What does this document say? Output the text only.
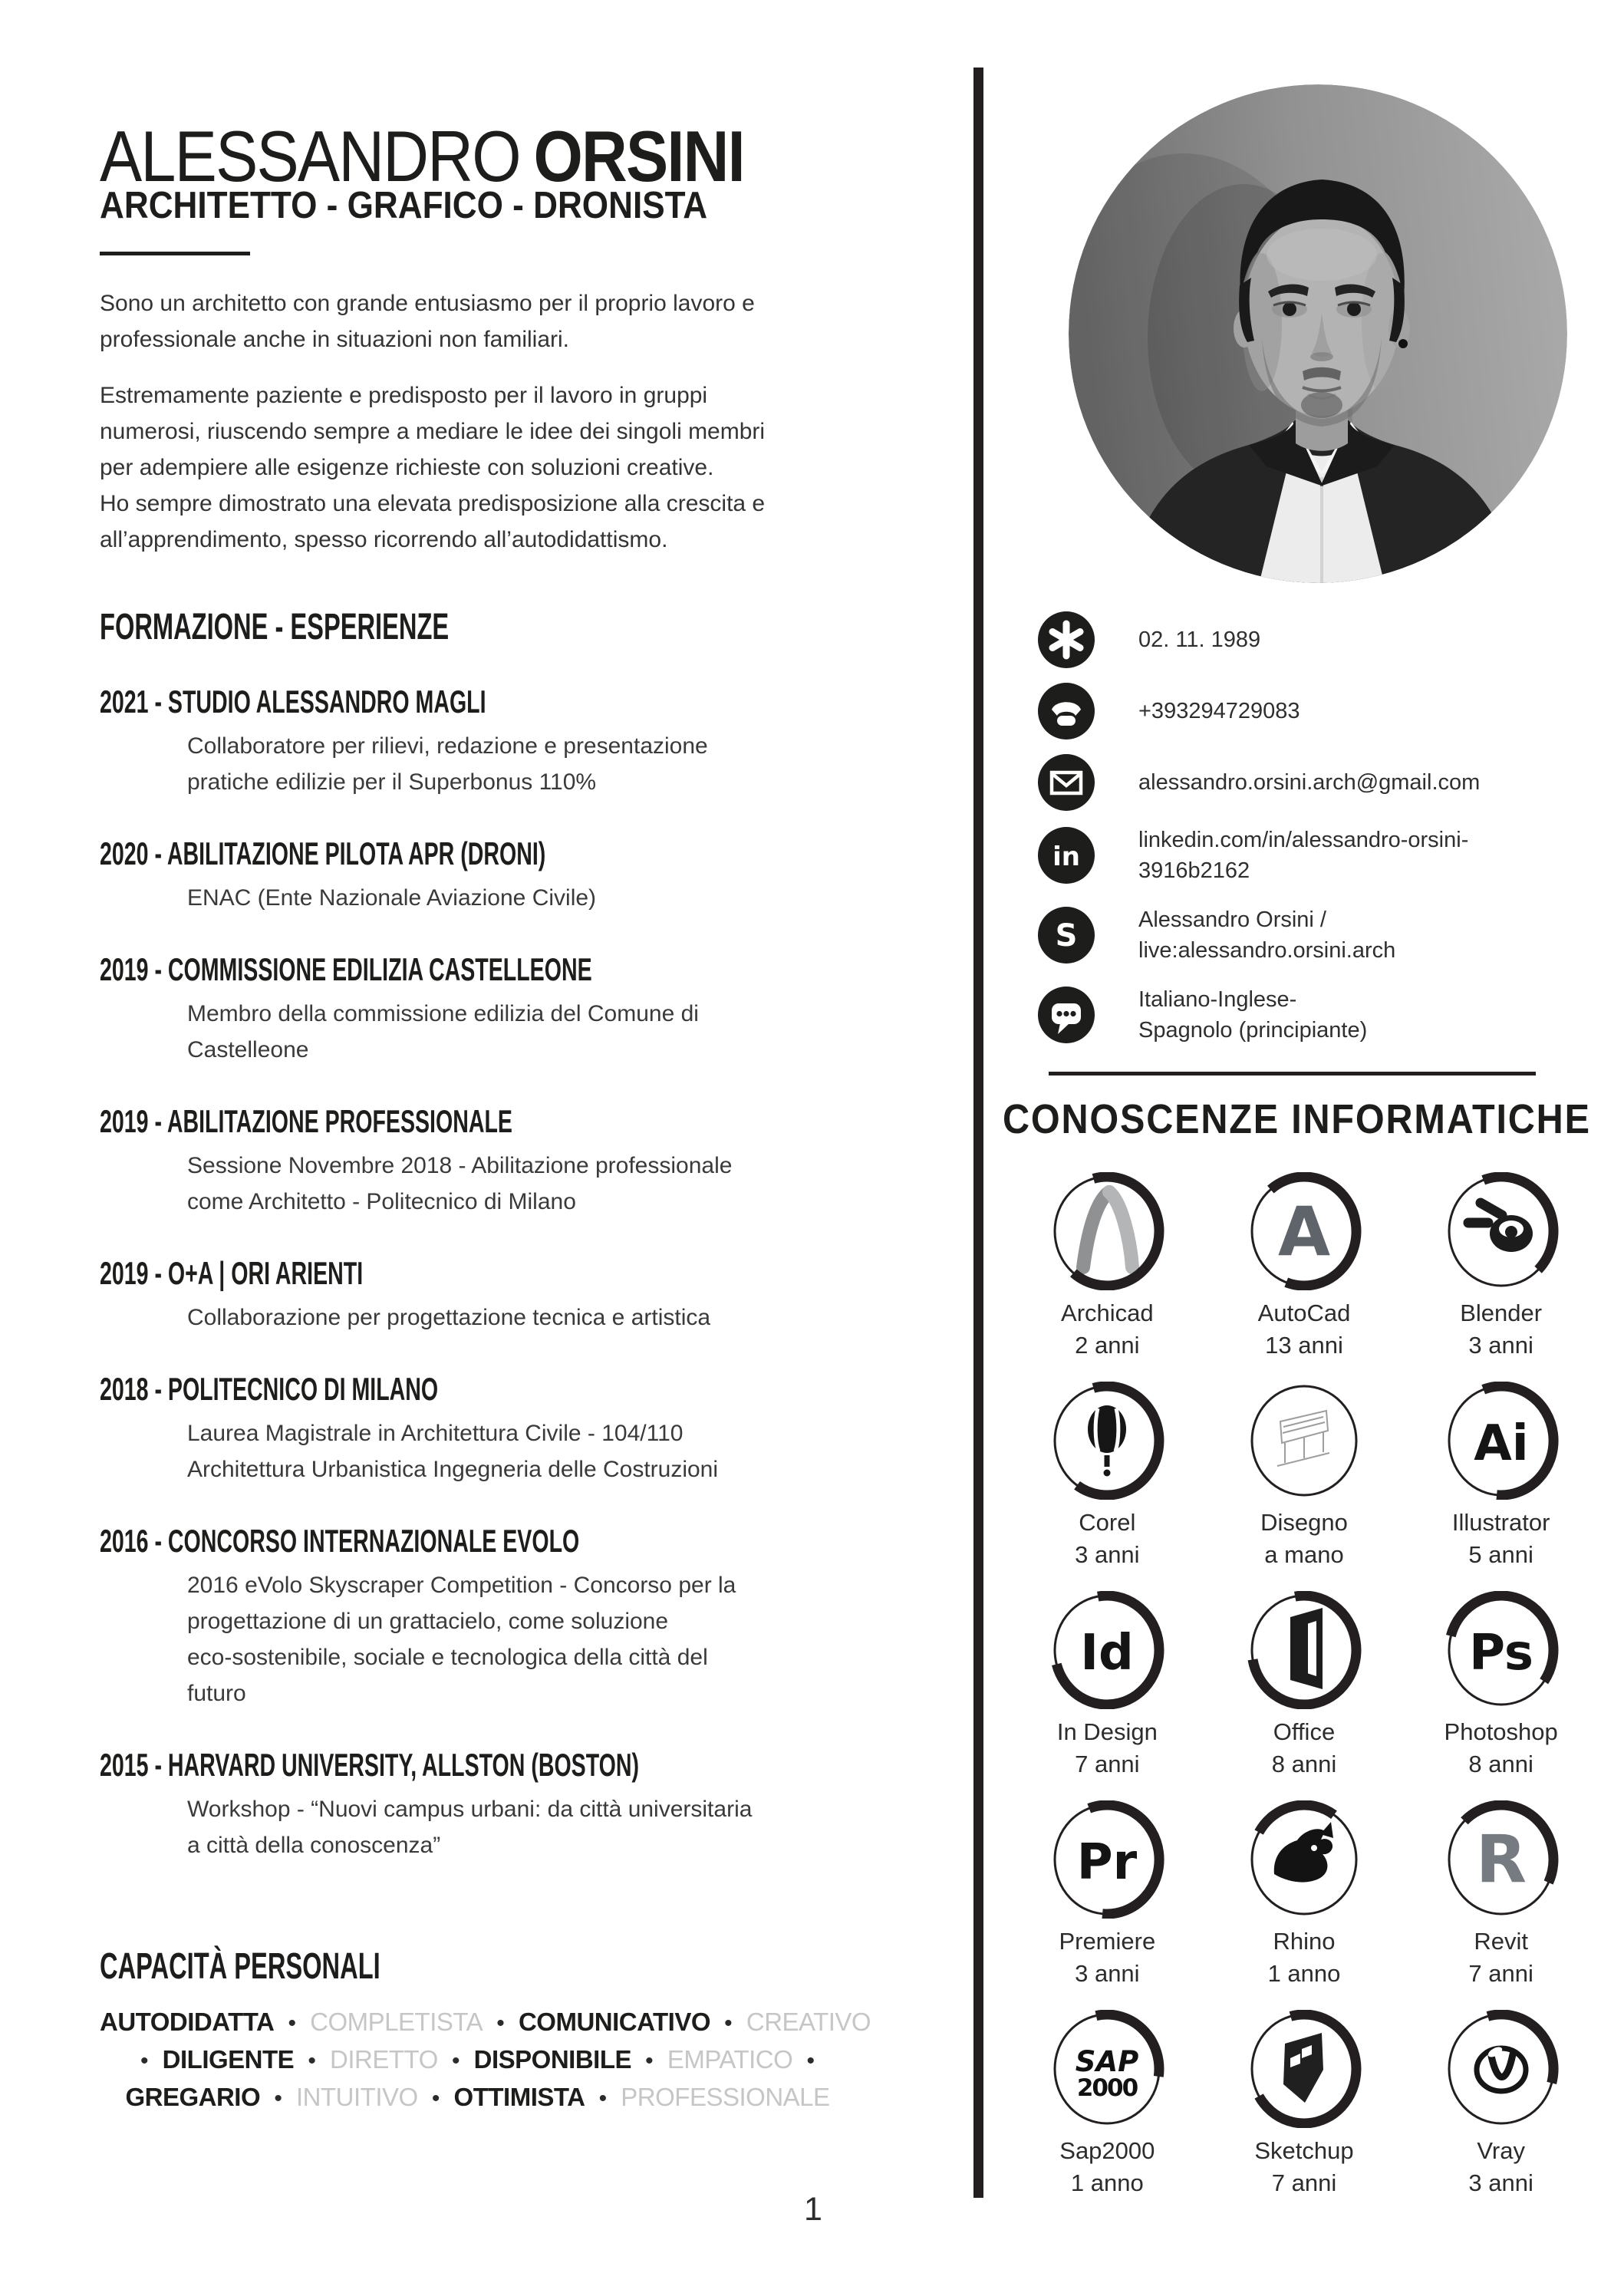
ALESSANDRO ORSINI
ARCHITETTO - GRAFICO - DRONISTA
Sono un architetto con grande entusiasmo per il proprio lavoro e
professionale anche in situazioni non familiari.
Estremamente paziente e predisposto per il lavoro in gruppi
numerosi, riuscendo sempre a mediare le idee dei singoli membri
per adempiere alle esigenze richieste con soluzioni creative.
Ho sempre dimostrato una elevata predisposizione alla crescita e
all’apprendimento, spesso ricorrendo all’autodidattismo.
FORMAZIONE - ESPERIENZE
2021 - STUDIO ALESSANDRO MAGLI
Collaboratore per rilievi, redazione e presentazione
pratiche edilizie per il Superbonus 110%
2020 - ABILITAZIONE PILOTA APR (DRONI)
ENAC (Ente Nazionale Aviazione Civile)
2019 - COMMISSIONE EDILIZIA CASTELLEONE
Membro della commissione edilizia del Comune di
Castelleone
2019 - ABILITAZIONE PROFESSIONALE
Sessione Novembre 2018 - Abilitazione professionale
come Architetto - Politecnico di Milano
2019 - O+A | ORI ARIENTI
Collaborazione per progettazione tecnica e artistica
2018 - POLITECNICO DI MILANO
Laurea Magistrale in Architettura Civile - 104/110
Architettura Urbanistica Ingegneria delle Costruzioni
2016 - CONCORSO INTERNAZIONALE EVOLO
2016 eVolo Skyscraper Competition - Concorso per la
progettazione di un grattacielo, come soluzione
eco-sostenibile, sociale e tecnologica della città del
futuro
2015 - HARVARD UNIVERSITY, ALLSTON (BOSTON)
Workshop - “Nuovi campus urbani: da città universitaria
a città della conoscenza”
CAPACITÀ PERSONALI
AUTODIDATTA • COMPLETISTA • COMUNICATIVO • CREATIVO
• DILIGENTE • DIRETTO • DISPONIBILE • EMPATICO •
GREGARIO • INTUITIVO • OTTIMISTA • PROFESSIONALE
1
02. 11. 1989
+393294729083
alessandro.orsini.arch@gmail.com
in
linkedin.com/in/alessandro-orsini-
3916b2162
S	Alessandro Orsini /
live:alessandro.orsini.arch
Italiano-Inglese-
Spagnolo (principiante)
CONOSCENZE INFORMATICHE
Archicad
2 anni
A
AutoCad
13 anni
Blender
3 anni
Corel
3 anni
Disegno
a mano
Ai
Illustrator
5 anni
Id
In Design
7 anni
Office
8 anni
Ps
Photoshop
8 anni
Pr
Premiere
3 anni
Rhino
1 anno
R
Revit
7 anni
SAP
2000
Sap2000
1 anno
Sketchup
7 anni
Vray
3 anni
